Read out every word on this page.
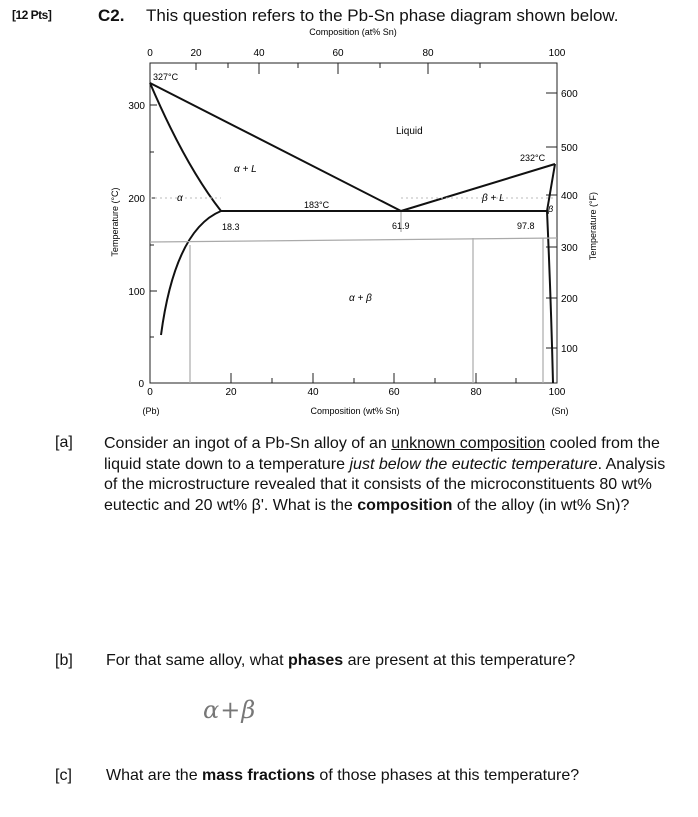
[12 Pts]	C2. This question refers to the Pb-Sn phase diagram shown below.
Composition (at% Sn)
0	20	40	60	80	100
0	20	40	60	80	100
(Pb)	Composition (wt% Sn)	(Sn)
0
100
200
300
Temperature (°C)
100
200
300
400
500
600
Temperature (°F)
327°C
232°C
183°C
Liquid
α + L
β + L
α
β
α + β
18.3	61.9	97.8
[a] Consider an ingot of a Pb-Sn alloy of an unknown composition cooled from the liquid state down to a temperature just below the eutectic temperature. Analysis of the microstructure revealed that it consists of the microconstituents 80 wt% eutectic and 20 wt% β'. What is the composition of the alloy (in wt% Sn)?
[b] For that same alloy, what phases are present at this temperature?
α+β
[c] What are the mass fractions of those phases at this temperature?
